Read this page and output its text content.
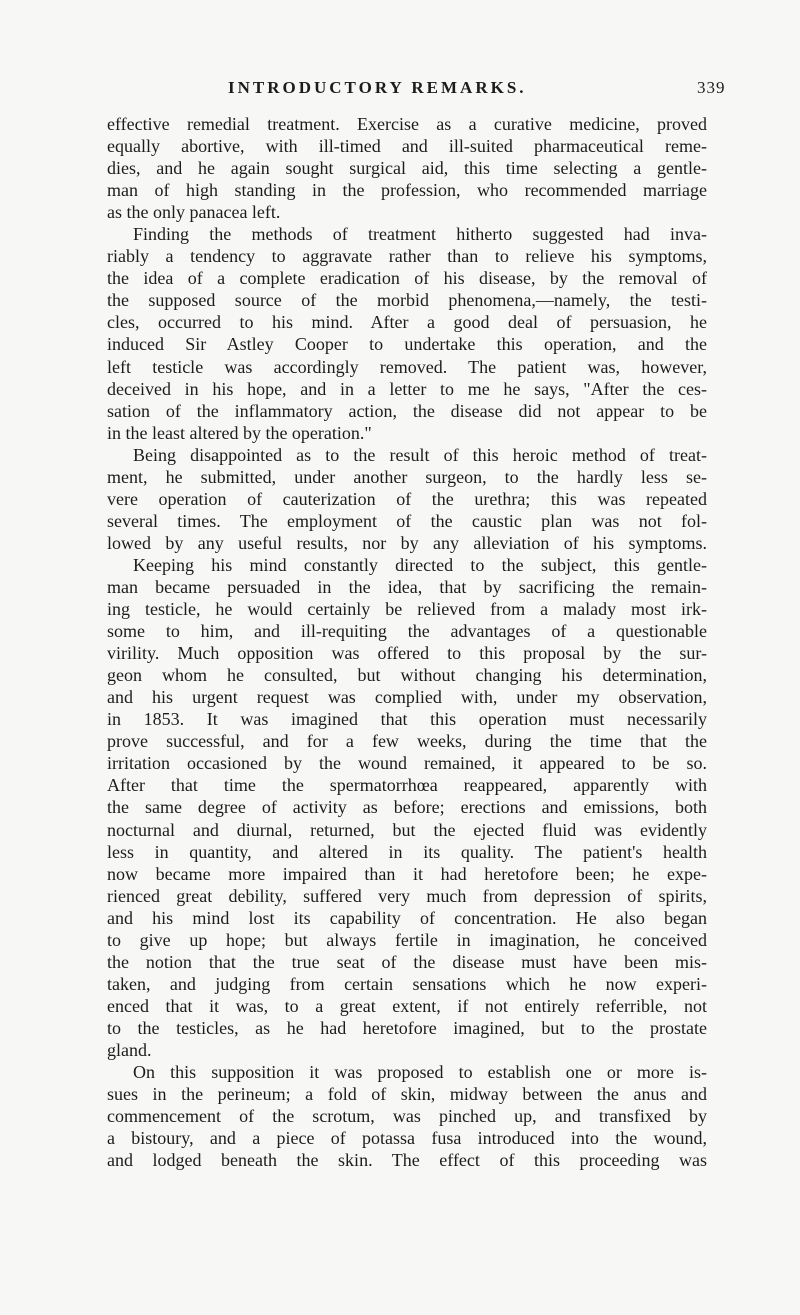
INTRODUCTORY REMARKS.	339
effective remedial treatment. Exercise as a curative medicine, proved
equally abortive, with ill-timed and ill-suited pharmaceutical reme-
dies, and he again sought surgical aid, this time selecting a gentle-
man of high standing in the profession, who recommended marriage
as the only panacea left.
Finding the methods of treatment hitherto suggested had inva-
riably a tendency to aggravate rather than to relieve his symptoms,
the idea of a complete eradication of his disease, by the removal of
the supposed source of the morbid phenomena,—namely, the testi-
cles, occurred to his mind. After a good deal of persuasion, he
induced Sir Astley Cooper to undertake this operation, and the
left testicle was accordingly removed. The patient was, however,
deceived in his hope, and in a letter to me he says, "After the ces-
sation of the inflammatory action, the disease did not appear to be
in the least altered by the operation."
Being disappointed as to the result of this heroic method of treat-
ment, he submitted, under another surgeon, to the hardly less se-
vere operation of cauterization of the urethra; this was repeated
several times. The employment of the caustic plan was not fol-
lowed by any useful results, nor by any alleviation of his symptoms.
Keeping his mind constantly directed to the subject, this gentle-
man became persuaded in the idea, that by sacrificing the remain-
ing testicle, he would certainly be relieved from a malady most irk-
some to him, and ill-requiting the advantages of a questionable
virility. Much opposition was offered to this proposal by the sur-
geon whom he consulted, but without changing his determination,
and his urgent request was complied with, under my observation,
in 1853. It was imagined that this operation must necessarily
prove successful, and for a few weeks, during the time that the
irritation occasioned by the wound remained, it appeared to be so.
After that time the spermatorrhœa reappeared, apparently with
the same degree of activity as before; erections and emissions, both
nocturnal and diurnal, returned, but the ejected fluid was evidently
less in quantity, and altered in its quality. The patient's health
now became more impaired than it had heretofore been; he expe-
rienced great debility, suffered very much from depression of spirits,
and his mind lost its capability of concentration. He also began
to give up hope; but always fertile in imagination, he conceived
the notion that the true seat of the disease must have been mis-
taken, and judging from certain sensations which he now experi-
enced that it was, to a great extent, if not entirely referrible, not
to the testicles, as he had heretofore imagined, but to the prostate
gland.
On this supposition it was proposed to establish one or more is-
sues in the perineum; a fold of skin, midway between the anus and
commencement of the scrotum, was pinched up, and transfixed by
a bistoury, and a piece of potassa fusa introduced into the wound,
and lodged beneath the skin. The effect of this proceeding was
